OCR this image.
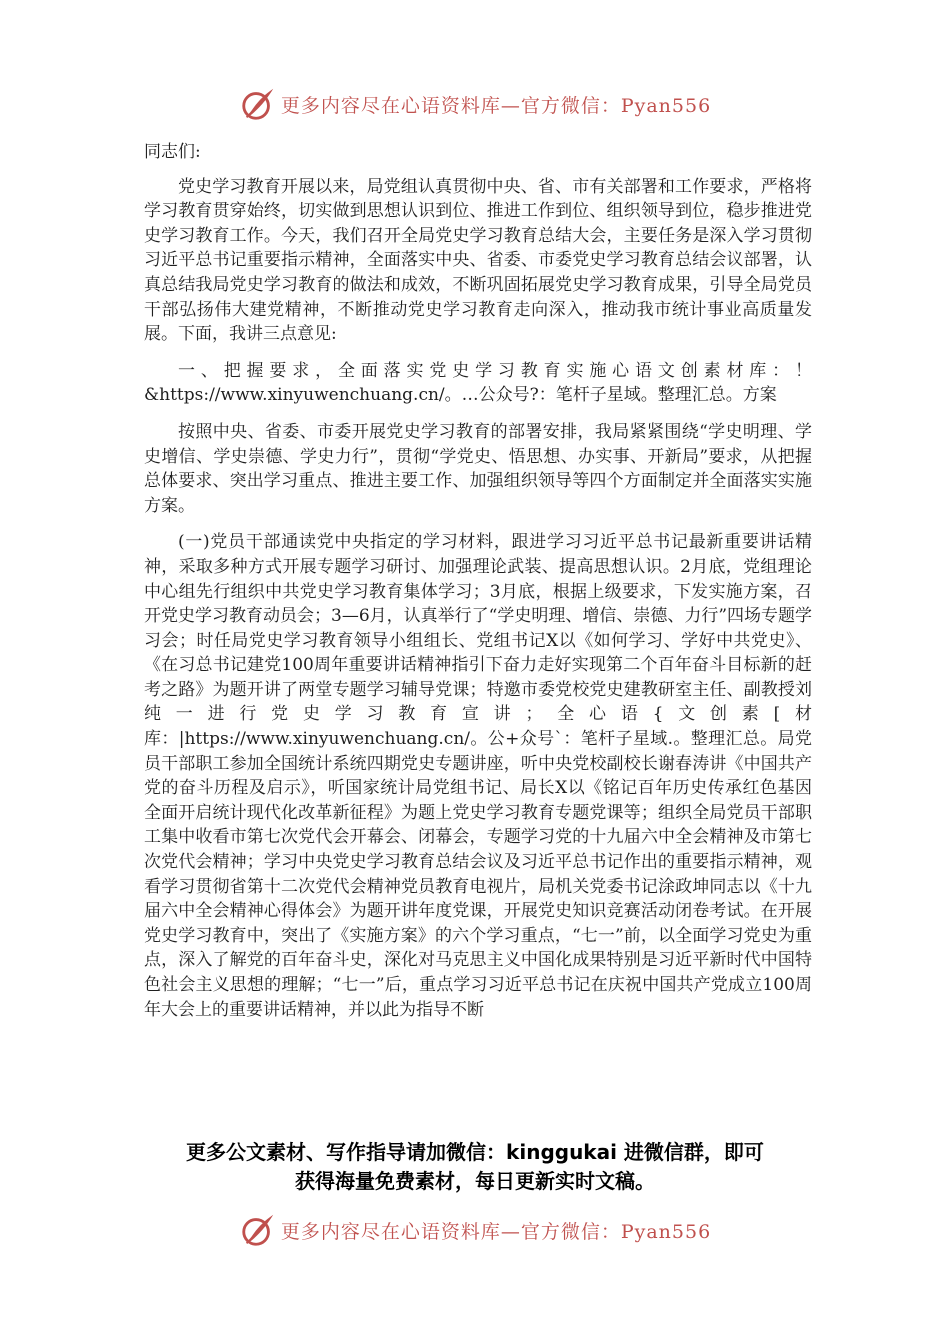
更多内容尽在心语资料库—官方微信：Pyan556

同志们:

党史学习教育开展以来，局党组认真贯彻中央、省、市有关部署和工作要求，严格将学习教育贯穿始终，切实做到思想认识到位、推进工作到位、组织领导到位，稳步推进党史学习教育工作。今天，我们召开全局党史学习教育总结大会，主要任务是深入学习贯彻习近平总书记重要指示精神，全面落实中央、省委、市委党史学习教育总结会议部署，认真总结我局党史学习教育的做法和成效，不断巩固拓展党史学习教育成果，引导全局党员干部弘扬伟大建党精神，不断推动党史学习教育走向深入，推动我市统计事业高质量发展。下面，我讲三点意见:

一、把握要求，全面落实党史学习教育实施心语文创素材库：！&https://www.xinyuwenchuang.cn/。…公众号?：笔杆子星域。整理汇总。方案

按照中央、省委、市委开展党史学习教育的部署安排，我局紧紧围绕“学史明理、学史增信、学史崇德、学史力行”，贯彻“学党史、悟思想、办实事、开新局”要求，从把握总体要求、突出学习重点、推进主要工作、加强组织领导等四个方面制定并全面落实实施方案。

(一)党员干部通读党中央指定的学习材料，跟进学习习近平总书记最新重要讲话精神，采取多种方式开展专题学习研讨、加强理论武装、提高思想认识。2月底，党组理论中心组先行组织中共党史学习教育集体学习；3月底，根据上级要求，下发实施方案，召开党史学习教育动员会；3—6月，认真举行了“学史明理、增信、崇德、力行”四场专题学习会；时任局党史学习教育领导小组组长、党组书记X以《如何学习、学好中共党史》、《在习总书记建党100周年重要讲话精神指引下奋力走好实现第二个百年奋斗目标新的赶考之路》为题开讲了两堂专题学习辅导党课；特邀市委党校党史建教研室主任、副教授刘纯一进行党史学习教育宣讲；全心语{文创素[材库：|https://www.xinyuwenchuang.cn/。公+众号`：笔杆子星域.。整理汇总。局党员干部职工参加全国统计系统四期党史专题讲座，听中央党校副校长谢春涛讲《中国共产党的奋斗历程及启示》，听国家统计局党组书记、局长X以《铭记百年历史传承红色基因 全面开启统计现代化改革新征程》为题上党史学习教育专题党课等；组织全局党员干部职工集中收看市第七次党代会开幕会、闭幕会，专题学习党的十九届六中全会精神及市第七次党代会精神；学习中央党史学习教育总结会议及习近平总书记作出的重要指示精神，观看学习贯彻省第十二次党代会精神党员教育电视片，局机关党委书记涂政坤同志以《十九届六中全会精神心得体会》为题开讲年度党课，开展党史知识竞赛活动闭卷考试。在开展党史学习教育中，突出了《实施方案》的六个学习重点，“七一”前，以全面学习党史为重点，深入了解党的百年奋斗史，深化对马克思主义中国化成果特别是习近平新时代中国特色社会主义思想的理解；“七一”后，重点学习习近平总书记在庆祝中国共产党成立100周年大会上的重要讲话精神，并以此为指导不断

更多公文素材、写作指导请加微信：kinggukai 进微信群，即可
获得海量免费素材，每日更新实时文稿。
更多内容尽在心语资料库—官方微信：Pyan556
